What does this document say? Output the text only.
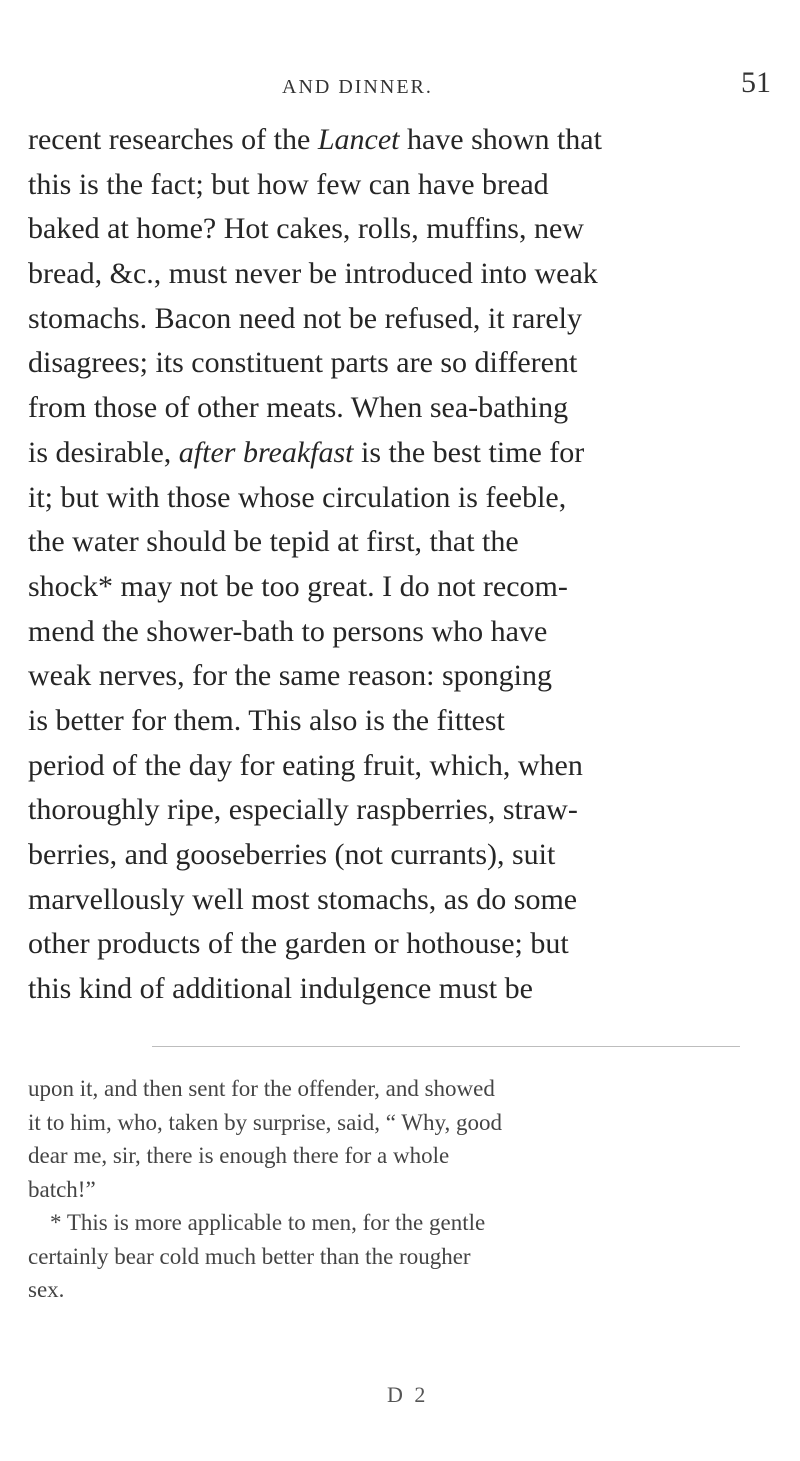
AND DINNER.	51
recent researches of the Lancet have shown that
this is the fact; but how few can have bread
baked at home? Hot cakes, rolls, muffins, new
bread, &c., must never be introduced into weak
stomachs. Bacon need not be refused, it rarely
disagrees; its constituent parts are so different
from those of other meats. When sea-bathing
is desirable, after breakfast is the best time for
it; but with those whose circulation is feeble,
the water should be tepid at first, that the
shock* may not be too great. I do not recom-
mend the shower-bath to persons who have
weak nerves, for the same reason: sponging
is better for them. This also is the fittest
period of the day for eating fruit, which, when
thoroughly ripe, especially raspberries, straw-
berries, and gooseberries (not currants), suit
marvellously well most stomachs, as do some
other products of the garden or hothouse; but
this kind of additional indulgence must be
upon it, and then sent for the offender, and showed
it to him, who, taken by surprise, said, “ Why, good
dear me, sir, there is enough there for a whole
batch!”
* This is more applicable to men, for the gentle
certainly bear cold much better than the rougher
sex.
D 2
